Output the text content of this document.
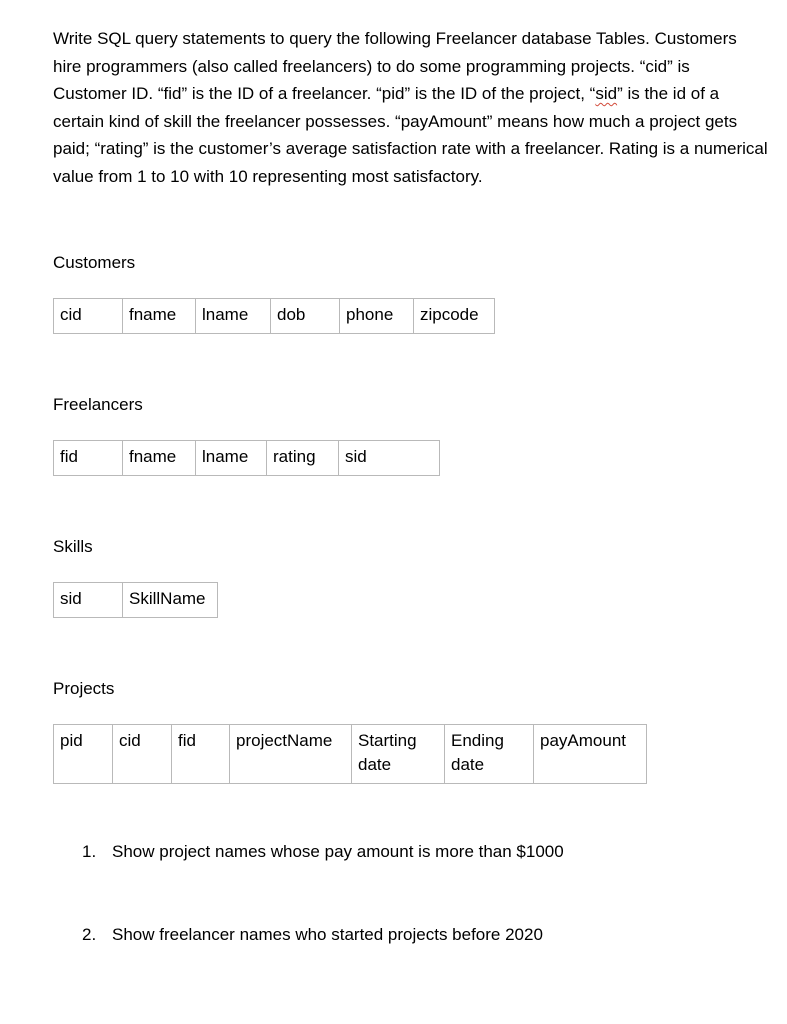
Write SQL query statements to query the following Freelancer database Tables. Customers hire programmers (also called freelancers) to do some programming projects. “cid” is Customer ID. “fid” is the ID of a freelancer. “pid” is the ID of the project, “sid” is the id of a certain kind of skill the freelancer possesses. “payAmount” means how much a project gets paid; “rating” is the customer’s average satisfaction rate with a freelancer. Rating is a numerical value from 1 to 10 with 10 representing most satisfactory.

Customers

cid	fname	lname	dob	phone	zipcode

Freelancers

fid	fname	lname	rating	sid

Skills

sid	SkillName

Projects

pid	cid	fid	projectName	Starting date	Ending date	payAmount
1. Show project names whose pay amount is more than $1000
2. Show freelancer names who started projects before 2020
